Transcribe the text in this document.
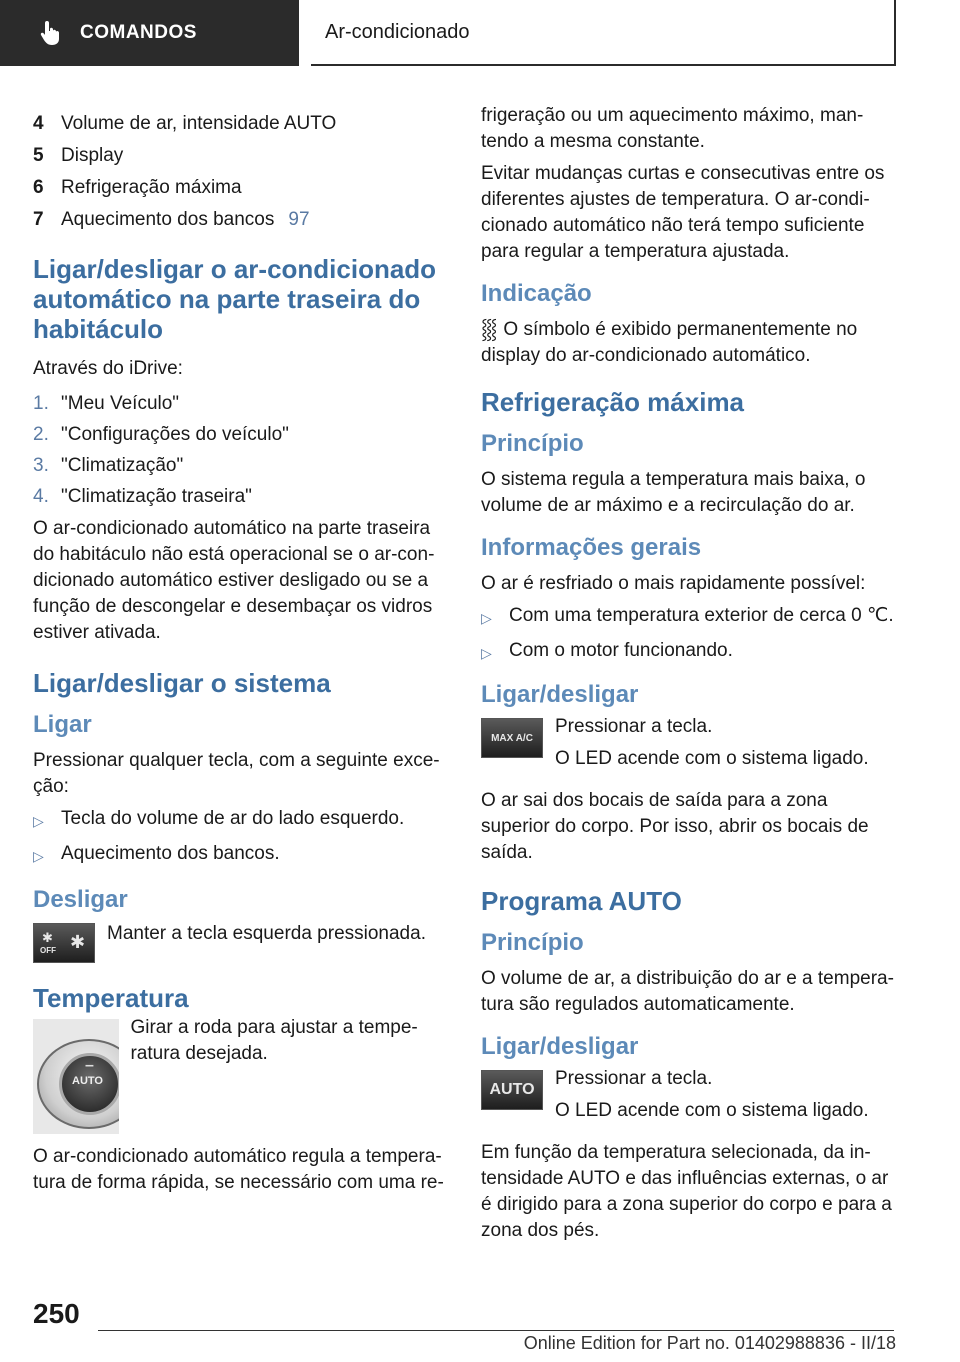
COMANDOS	Ar-condicionado
4 Volume de ar, intensidade AUTO
5 Display
6 Refrigeração máxima
7 Aquecimento dos bancos 97
Ligar/desligar o ar-condicionado automático na parte traseira do habitáculo

Através do iDrive:

1. "Meu Veículo"
2. "Configurações do veículo"
3. "Climatização"
4. "Climatização traseira"

O ar-condicionado automático na parte traseira do habitáculo não está operacional se o ar-condicionado automático estiver desligado ou se a função de descongelar e desembaçar os vidros estiver ativada.

Ligar/desligar o sistema
Ligar

Pressionar qualquer tecla, com a seguinte exceção:

▷ Tecla do volume de ar do lado esquerdo.
▷ Aquecimento dos bancos.
Desligar
✱
OFF ✱ Manter a tecla esquerda pressionada.

Temperatura
–
AUTO

Girar a roda para ajustar a temperatura desejada.

O ar-condicionado automático regula a temperatura de forma rápida, se necessário com uma re-

frigeração ou um aquecimento máximo, mantendo a mesma constante.

Evitar mudanças curtas e consecutivas entre os diferentes ajustes de temperatura. O ar-condicionado automático não terá tempo suficiente para regular a temperatura ajustada.

Indicação

⸾⸾⸾ O símbolo é exibido permanentemente no display do ar-condicionado automático.

Refrigeração máxima
Princípio

O sistema regula a temperatura mais baixa, o volume de ar máximo e a recirculação do ar.

Informações gerais

O ar é resfriado o mais rapidamente possível:

▷ Com uma temperatura exterior de cerca 0 ℃.
▷ Com o motor funcionando.
Ligar/desligar
MAX A/C

Pressionar a tecla.

O LED acende com o sistema ligado.

O ar sai dos bocais de saída para a zona superior do corpo. Por isso, abrir os bocais de saída.

Programa AUTO
Princípio

O volume de ar, a distribuição do ar e a temperatura são regulados automaticamente.

Ligar/desligar
AUTO

Pressionar a tecla.

O LED acende com o sistema ligado.

Em função da temperatura selecionada, da intensidade AUTO e das influências externas, o ar é dirigido para a zona superior do corpo e para a zona dos pés.

250
Online Edition for Part no. 01402988836 - II/18
